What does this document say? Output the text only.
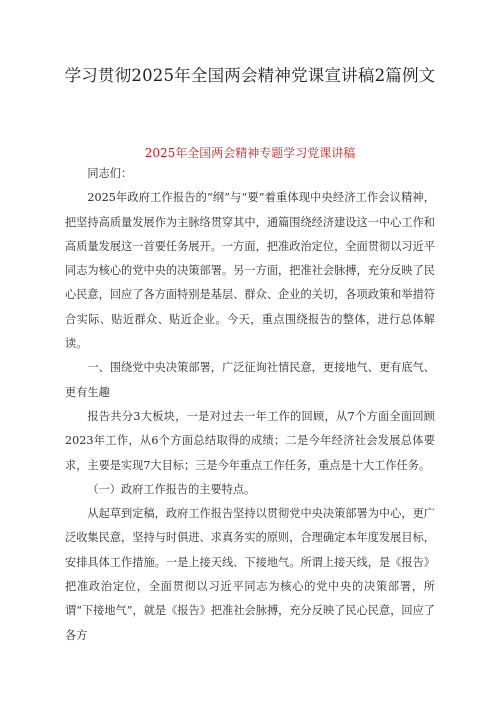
学习贯彻2025年全国两会精神党课宣讲稿2篇例文
2025年全国两会精神专题学习党课讲稿

同志们：

2025年政府工作报告的“纲”与“要”着重体现中央经济工作会议精神，把坚持高质量发展作为主脉络贯穿其中，通篇围绕经济建设这一中心工作和高质量发展这一首要任务展开。一方面，把准政治定位，全面贯彻以习近平同志为核心的党中央的决策部署。另一方面，把准社会脉搏，充分反映了民心民意，回应了各方面特别是基层、群众、企业的关切，各项政策和举措符合实际、贴近群众、贴近企业。今天，重点围绕报告的整体，进行总体解读。

一、围绕党中央决策部署，广泛征询社情民意，更接地气、更有底气、更有生趣

报告共分3大板块，一是对过去一年工作的回顾，从7个方面全面回顾2023年工作，从6个方面总结取得的成绩；二是今年经济社会发展总体要求，主要是实现7大目标；三是今年重点工作任务，重点是十大工作任务。

（一）政府工作报告的主要特点。

从起草到定稿，政府工作报告坚持以贯彻党中央决策部署为中心，更广泛收集民意，坚持与时俱进、求真务实的原则，合理确定本年度发展目标，安排具体工作措施。一是上接天线、下接地气。所谓上接天线，是《报告》把准政治定位，全面贯彻以习近平同志为核心的党中央的决策部署，所谓“下接地气”，就是《报告》把准社会脉搏，充分反映了民心民意，回应了各方
